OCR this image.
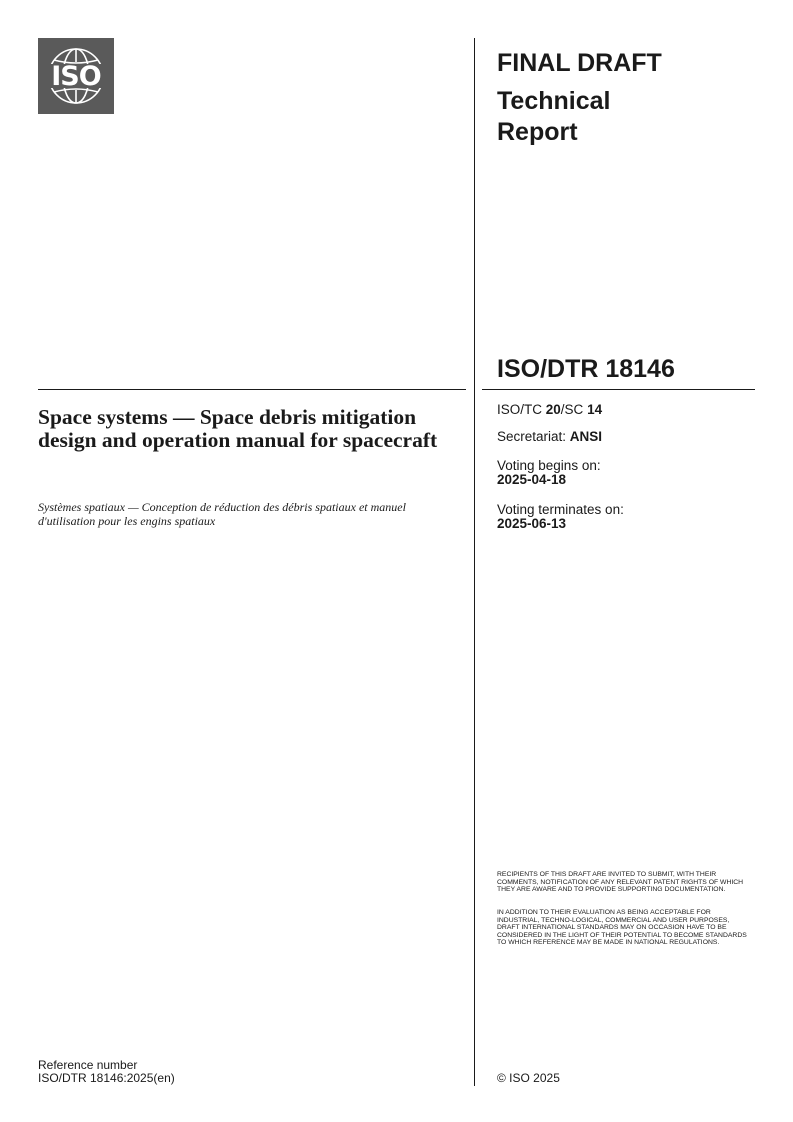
ISO	FINAL DRAFT
Technical
Report
ISO/DTR 18146
Space systems — Space debris mitigation design and operation manual for spacecraft
Systèmes spatiaux — Conception de réduction des débris spatiaux et manuel d'utilisation pour les engins spatiaux
ISO/TC 20/SC 14
Secretariat: ANSI
Voting begins on:
2025-04-18
Voting terminates on:
2025-06-13
RECIPIENTS OF THIS DRAFT ARE INVITED TO SUBMIT, WITH THEIR COMMENTS, NOTIFICATION OF ANY RELEVANT PATENT RIGHTS OF WHICH THEY ARE AWARE AND TO PROVIDE SUPPORTING DOCUMENTATION.
IN ADDITION TO THEIR EVALUATION AS BEING ACCEPTABLE FOR INDUSTRIAL, TECHNO-LOGICAL, COMMERCIAL AND USER PURPOSES, DRAFT INTERNATIONAL STANDARDS MAY ON OCCASION HAVE TO BE CONSIDERED IN THE LIGHT OF THEIR POTENTIAL TO BECOME STANDARDS TO WHICH REFERENCE MAY BE MADE IN NATIONAL REGULATIONS.
Reference number
ISO/DTR 18146:2025(en)	© ISO 2025
